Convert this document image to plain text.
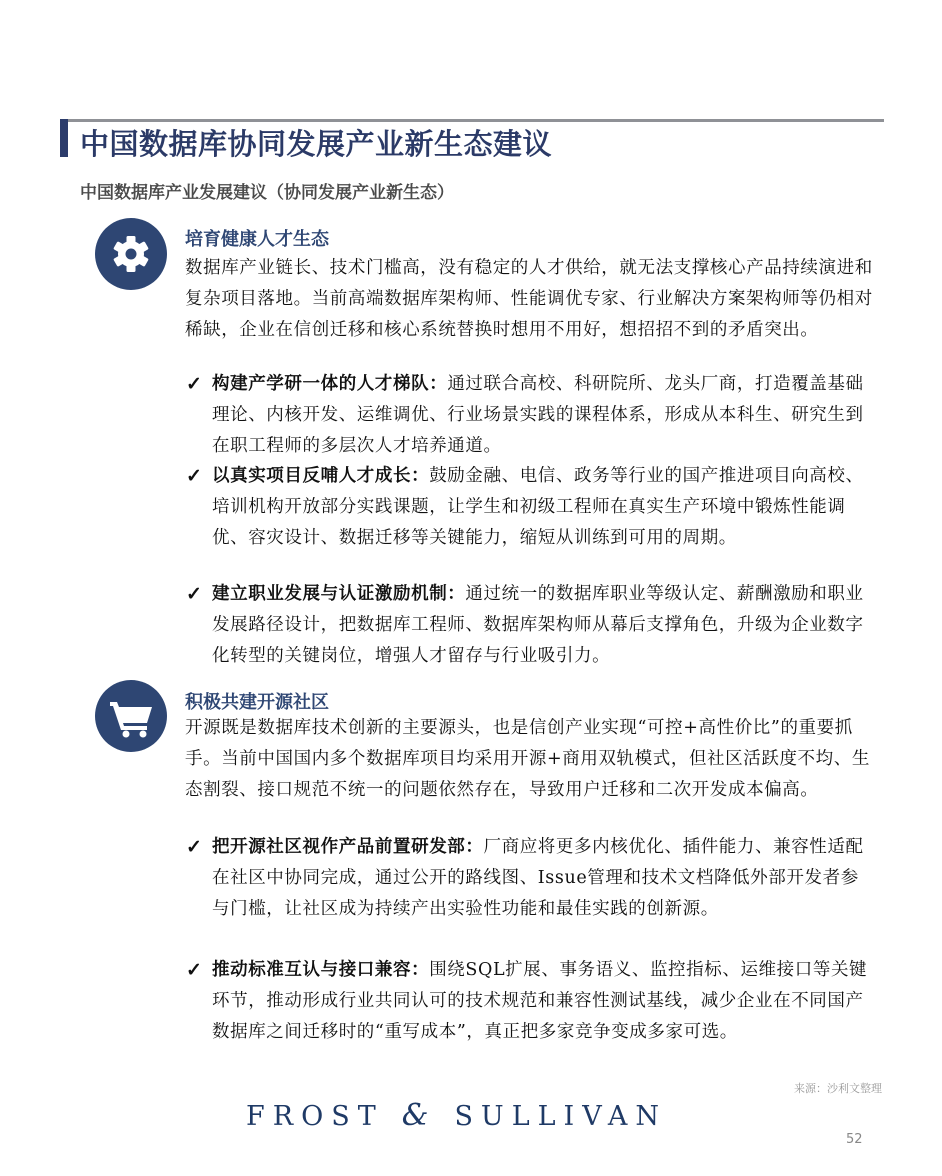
中国数据库协同发展产业新生态建议
中国数据库产业发展建议（协同发展产业新生态）
培育健康人才生态
数据库产业链长、技术门槛高，没有稳定的人才供给，就无法支撑核心产品持续演进和复杂项目落地。当前高端数据库架构师、性能调优专家、行业解决方案架构师等仍相对稀缺，企业在信创迁移和核心系统替换时想用不用好，想招招不到的矛盾突出。
✓ 构建产学研一体的人才梯队：通过联合高校、科研院所、龙头厂商，打造覆盖基础理论、内核开发、运维调优、行业场景实践的课程体系，形成从本科生、研究生到在职工程师的多层次人才培养通道。
✓ 以真实项目反哺人才成长：鼓励金融、电信、政务等行业的国产推进项目向高校、培训机构开放部分实践课题，让学生和初级工程师在真实生产环境中锻炼性能调优、容灾设计、数据迁移等关键能力，缩短从训练到可用的周期。
✓ 建立职业发展与认证激励机制：通过统一的数据库职业等级认定、薪酬激励和职业发展路径设计，把数据库工程师、数据库架构师从幕后支撑角色，升级为企业数字化转型的关键岗位，增强人才留存与行业吸引力。
积极共建开源社区
开源既是数据库技术创新的主要源头，也是信创产业实现“可控+高性价比”的重要抓手。当前中国国内多个数据库项目均采用开源+商用双轨模式，但社区活跃度不均、生态割裂、接口规范不统一的问题依然存在，导致用户迁移和二次开发成本偏高。
✓ 把开源社区视作产品前置研发部：厂商应将更多内核优化、插件能力、兼容性适配在社区中协同完成，通过公开的路线图、Issue管理和技术文档降低外部开发者参与门槛，让社区成为持续产出实验性功能和最佳实践的创新源。
✓ 推动标准互认与接口兼容：围绕SQL扩展、事务语义、监控指标、运维接口等关键环节，推动形成行业共同认可的技术规范和兼容性测试基线，减少企业在不同国产数据库之间迁移时的“重写成本”，真正把多家竞争变成多家可选。
来源：沙利文整理
FROST & SULLIVAN
52
